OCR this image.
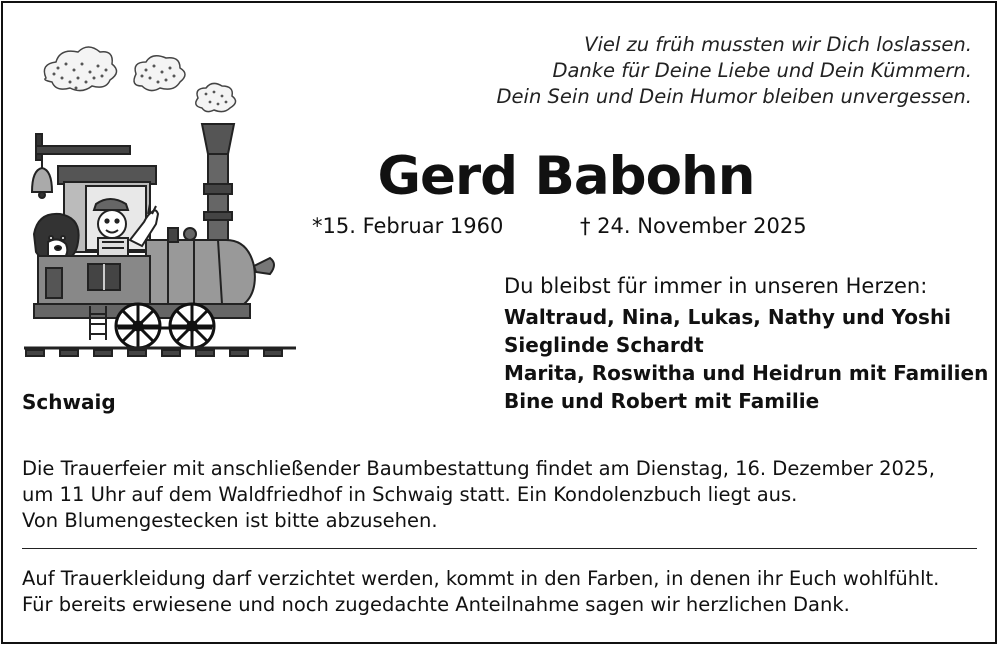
Viel zu früh mussten wir Dich loslassen.
Danke für Deine Liebe und Dein Kümmern.
Dein Sein und Dein Humor bleiben unvergessen.
Gerd Babohn
*15. Februar 1960	† 24. November 2025
Du bleibst für immer in unseren Herzen:
Waltraud, Nina, Lukas, Nathy und Yoshi
Sieglinde Schardt
Marita, Roswitha und Heidrun mit Familien
Bine und Robert mit Familie
Schwaig
Die Trauerfeier mit anschließender Baumbestattung findet am Dienstag, 16. Dezember 2025,
um 11 Uhr auf dem Waldfriedhof in Schwaig statt. Ein Kondolenzbuch liegt aus.
Von Blumengestecken ist bitte abzusehen.
Auf Trauerkleidung darf verzichtet werden, kommt in den Farben, in denen ihr Euch wohlfühlt.
Für bereits erwiesene und noch zugedachte Anteilnahme sagen wir herzlichen Dank.
